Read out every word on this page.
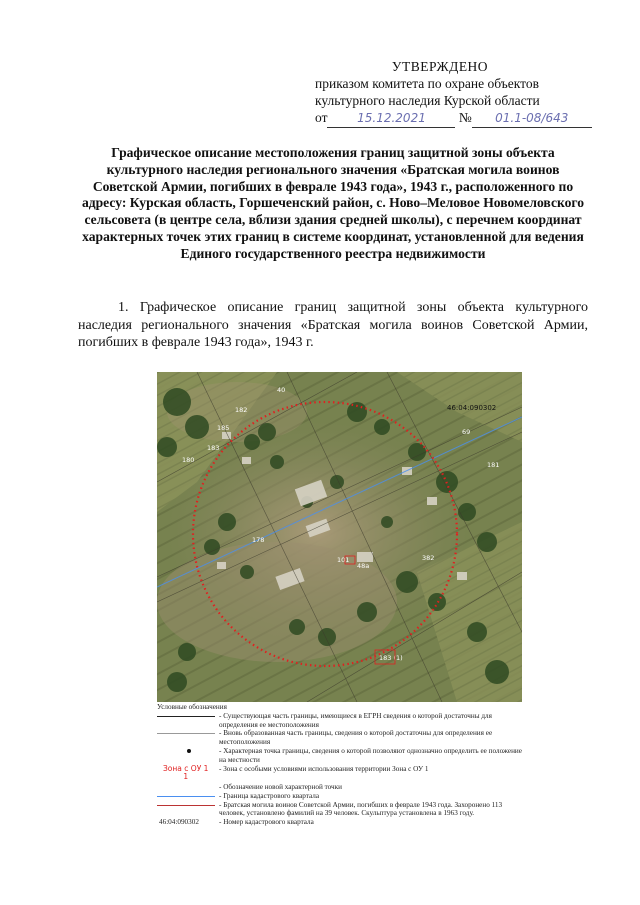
УТВЕРЖДЕНО
приказом комитета по охране объектов
культурного наследия Курской области
от 15.12.2021 № 01.1-08/643
Графическое описание местоположения границ защитной зоны объекта культурного наследия регионального значения «Братская могила воинов Советской Армии, погибших в феврале 1943 года», 1943 г., расположенного по адресу: Курская область, Горшеченский район, с. Ново–Меловое Новомеловского сельсовета (в центре села, вблизи здания средней школы), с перечнем координат характерных точек этих границ в системе координат, установленной для ведения Единого государственного реестра недвижимости
1. Графическое описание границ защитной зоны объекта культурного наследия регионального значения «Братская могила воинов Советской Армии, погибших в феврале 1943 года», 1943 г.
46:04:090302
185
183
182
40
69
181
101
48а
382
183 (1)
178
180
Условные обозначения
- Существующая часть границы, имеющиеся в ЕГРН сведения о которой достаточны для определения ее местоположения
- Вновь образованная часть границы, сведения о которой достаточны для определения ее местоположения
- Характерная точка границы, сведения о которой позволяют однозначно определить ее положение на местности
Зона с ОУ 1
1
- Зона с особыми условиями использования территории Зона с ОУ 1
- Обозначение новой характерной точки
- Граница кадастрового квартала
- Братская могила воинов Советской Армии, погибших в феврале 1943 года. Захоронено 113 человек, установлено фамилий на 39 человек. Скульптура установлена в 1963 году.
46:04:090302	- Номер кадастрового квартала
